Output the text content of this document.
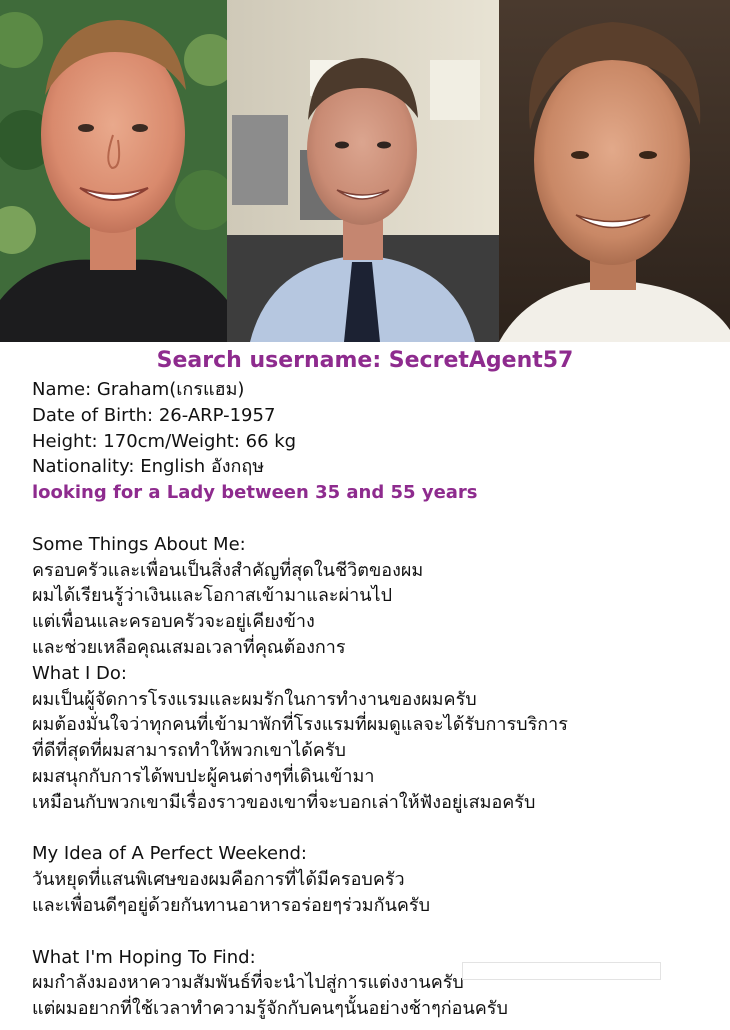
Search username: SecretAgent57
Name: Graham(เกรแฮม)
Date of Birth: 26-ARP-1957
Height: 170cm/Weight: 66 kg
Nationality: English อังกฤษ
looking for a Lady between 35 and 55 years
Some Things About Me:
ครอบครัวและเพื่อนเป็นสิ่งสำคัญที่สุดในชีวิตของผม
ผมได้เรียนรู้ว่าเงินและโอกาสเข้ามาและผ่านไป
แต่เพื่อนและครอบครัวจะอยู่เคียงข้าง
และช่วยเหลือคุณเสมอเวลาที่คุณต้องการ
What I Do:
ผมเป็นผู้จัดการโรงแรมและผมรักในการทำงานของผมครับ
ผมต้องมั่นใจว่าทุกคนที่เข้ามาพักที่โรงแรมที่ผมดูแลจะได้รับการบริการ
ที่ดีที่สุดที่ผมสามารถทำให้พวกเขาได้ครับ
ผมสนุกกับการได้พบปะผู้คนต่างๆที่เดินเข้ามา
เหมือนกับพวกเขามีเรื่องราวของเขาที่จะบอกเล่าให้ฟังอยู่เสมอครับ
My Idea of A Perfect Weekend:
วันหยุดที่แสนพิเศษของผมคือการที่ได้มีครอบครัว
และเพื่อนดีๆอยู่ด้วยกันทานอาหารอร่อยๆร่วมกันครับ
What I'm Hoping To Find:
ผมกำลังมองหาความสัมพันธ์ที่จะนำไปสู่การแต่งงานครับ
แต่ผมอยากที่ใช้เวลาทำความรู้จักกับคนๆนั้นอย่างช้าๆก่อนครับ
